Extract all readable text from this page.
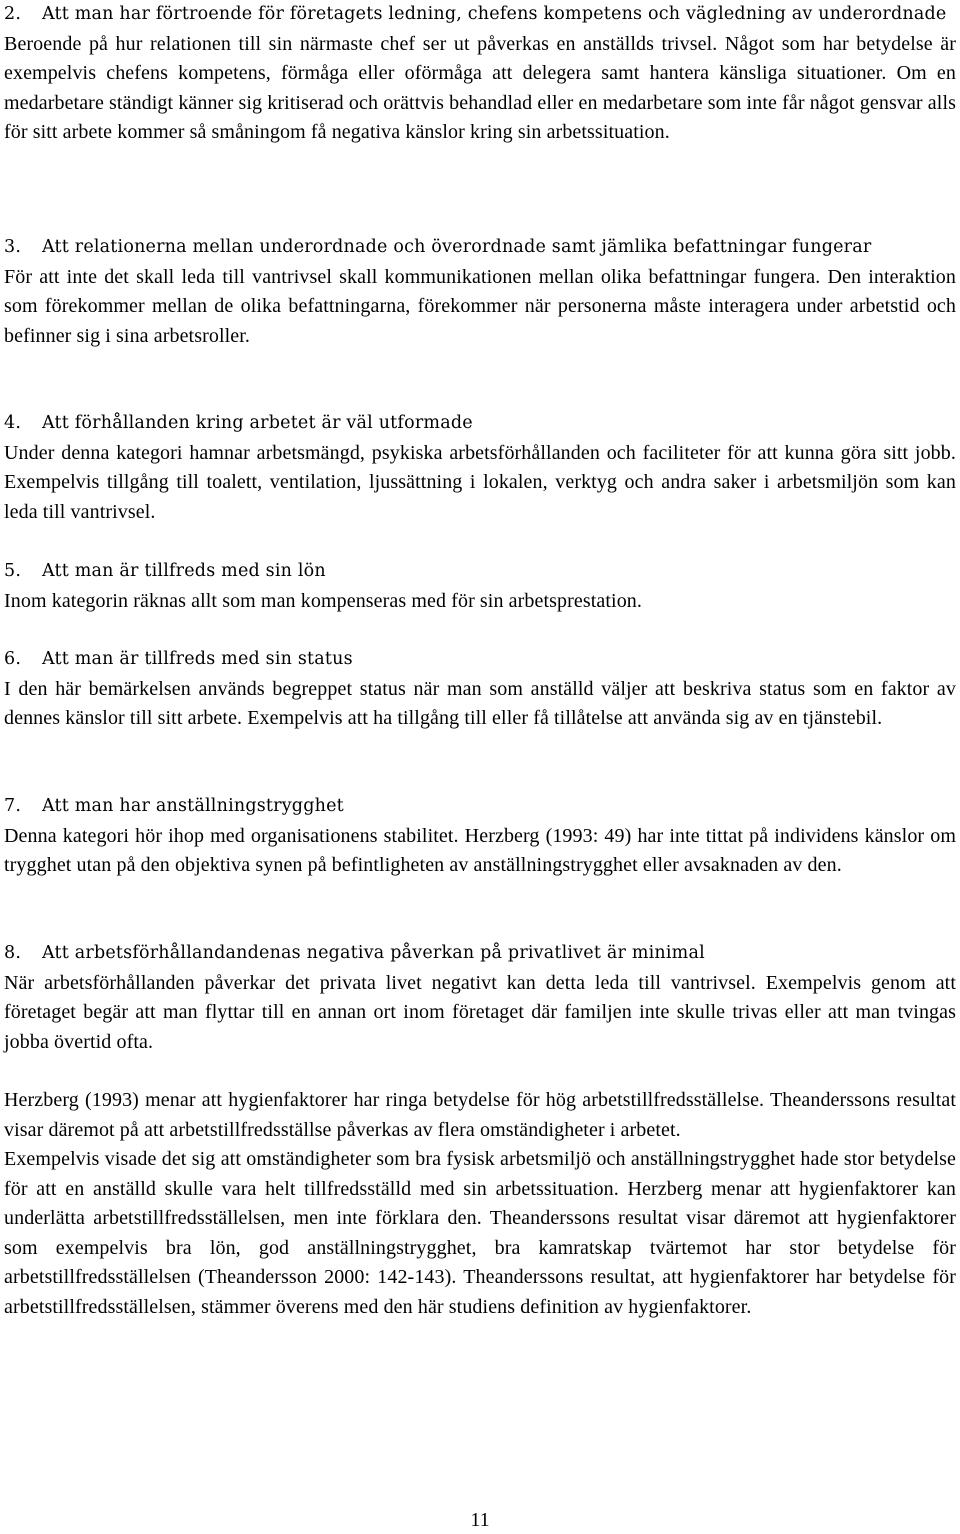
2. Att man har förtroende för företagets ledning, chefens kompetens och vägledning av underordnade

Beroende på hur relationen till sin närmaste chef ser ut påverkas en anställds trivsel. Något som har betydelse är exempelvis chefens kompetens, förmåga eller oförmåga att delegera samt hantera känsliga situationer. Om en medarbetare ständigt känner sig kritiserad och orättvis behandlad eller en medarbetare som inte får något gensvar alls för sitt arbete kommer så småningom få negativa känslor kring sin arbetssituation.

3. Att relationerna mellan underordnade och överordnade samt jämlika befattningar fungerar

För att inte det skall leda till vantrivsel skall kommunikationen mellan olika befattningar fungera. Den interaktion som förekommer mellan de olika befattningarna, förekommer när personerna måste interagera under arbetstid och befinner sig i sina arbetsroller.

4. Att förhållanden kring arbetet är väl utformade

Under denna kategori hamnar arbetsmängd, psykiska arbetsförhållanden och faciliteter för att kunna göra sitt jobb. Exempelvis tillgång till toalett, ventilation, ljussättning i lokalen, verktyg och andra saker i arbetsmiljön som kan leda till vantrivsel.

5. Att man är tillfreds med sin lön

Inom kategorin räknas allt som man kompenseras med för sin arbetsprestation.

6. Att man är tillfreds med sin status

I den här bemärkelsen används begreppet status när man som anställd väljer att beskriva status som en faktor av dennes känslor till sitt arbete. Exempelvis att ha tillgång till eller få tillåtelse att använda sig av en tjänstebil.

7. Att man har anställningstrygghet

Denna kategori hör ihop med organisationens stabilitet. Herzberg (1993: 49) har inte tittat på individens känslor om trygghet utan på den objektiva synen på befintligheten av anställningstrygghet eller avsaknaden av den.

8. Att arbetsförhållandandenas negativa påverkan på privatlivet är minimal

När arbetsförhållanden påverkar det privata livet negativt kan detta leda till vantrivsel. Exempelvis genom att företaget begär att man flyttar till en annan ort inom företaget där familjen inte skulle trivas eller att man tvingas jobba övertid ofta.

Herzberg (1993) menar att hygienfaktorer har ringa betydelse för hög arbetstillfredsställelse. Theanderssons resultat visar däremot på att arbetstillfredsställse påverkas av flera omständigheter i arbetet.

Exempelvis visade det sig att omständigheter som bra fysisk arbetsmiljö och anställningstrygghet hade stor betydelse för att en anställd skulle vara helt tillfredsställd med sin arbetssituation. Herzberg menar att hygienfaktorer kan underlätta arbetstillfredsställelsen, men inte förklara den. Theanderssons resultat visar däremot att hygienfaktorer som exempelvis bra lön, god anställningstrygghet, bra kamratskap tvärtemot har stor betydelse för arbetstillfredsställelsen (Theandersson 2000: 142-143). Theanderssons resultat, att hygienfaktorer har betydelse för arbetstillfredsställelsen, stämmer överens med den här studiens definition av hygienfaktorer.

11
